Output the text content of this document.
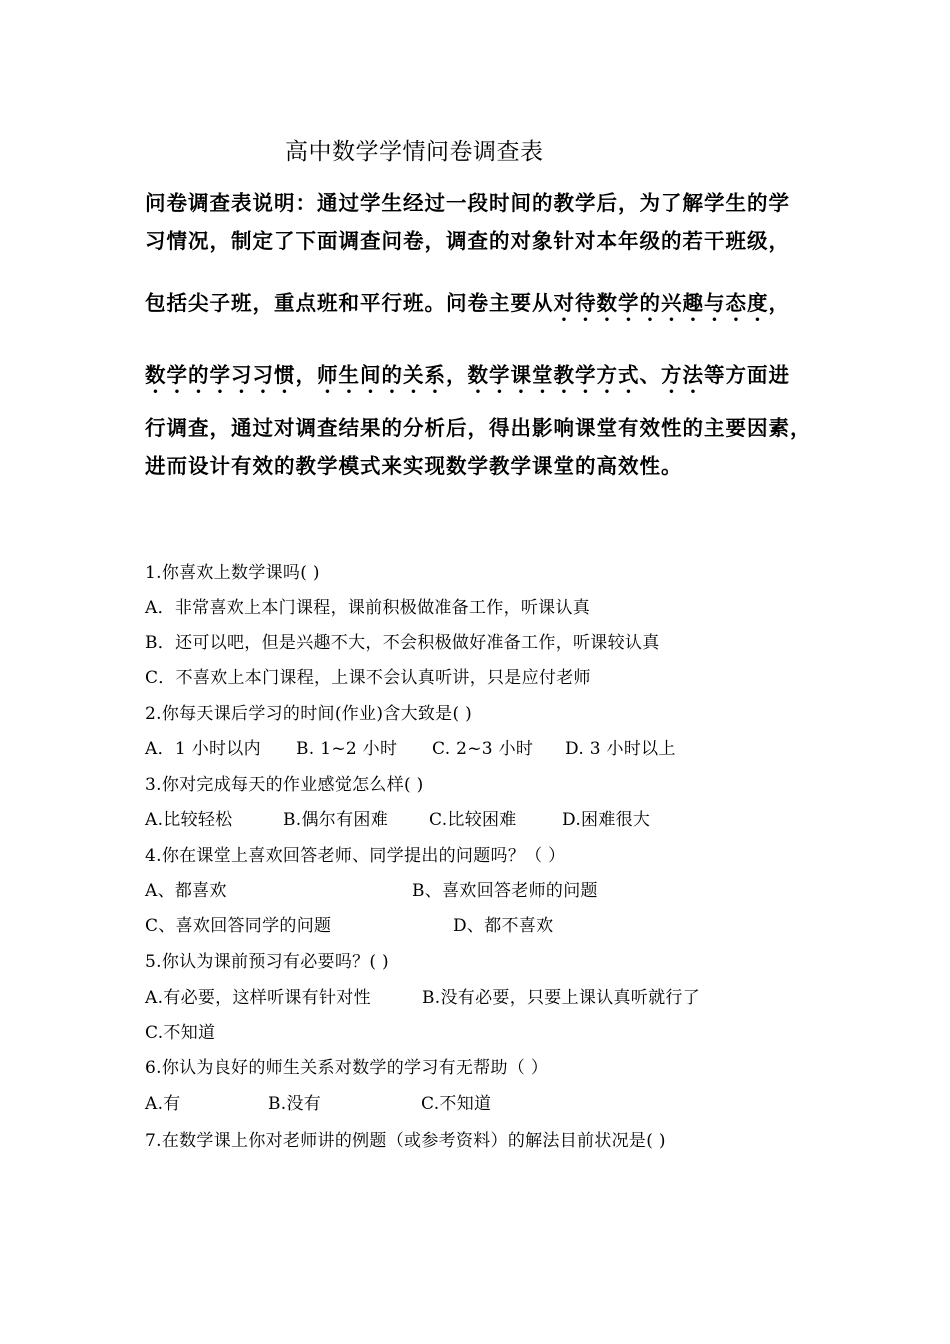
高中数学学情问卷调查表
问卷调查表说明：通过学生经过一段时间的教学后，为了解学生的学
习情况，制定了下面调查问卷，调查的对象针对本年级的若干班级，
包括尖子班，重点班和平行班。问卷主要从对待数学的兴趣与态度，
数学的学习习惯，师生间的关系，数学课堂教学方式、方法等方面进
行调查，通过对调查结果的分析后，得出影响课堂有效性的主要因素，
进而设计有效的教学模式来实现数学教学课堂的高效性。
1.你喜欢上数学课吗( )
A．非常喜欢上本门课程，课前积极做准备工作，听课认真
B．还可以吧，但是兴趣不大，不会积极做好准备工作，听课较认真
C．不喜欢上本门课程，上课不会认真听讲，只是应付老师
2.你每天课后学习的时间(作业)含大致是( )
A．1 小时以内 B. 1~2 小时 C. 2~3 小时 D. 3 小时以上
3.你对完成每天的作业感觉怎么样( )
A.比较轻松	B.偶尔有困难 C.比较困难	D.困难很大
4.你在课堂上喜欢回答老师、同学提出的问题吗？（ ）
A、都喜欢	B、喜欢回答老师的问题
C、喜欢回答同学的问题	D、都不喜欢
5.你认为课前预习有必要吗？( )
A.有必要，这样听课有针对性	B.没有必要，只要上课认真听就行了
C.不知道
6.你认为良好的师生关系对数学的学习有无帮助（ ）
A.有	B.没有	C.不知道
7.在数学课上你对老师讲的例题（或参考资料）的解法目前状况是( )
